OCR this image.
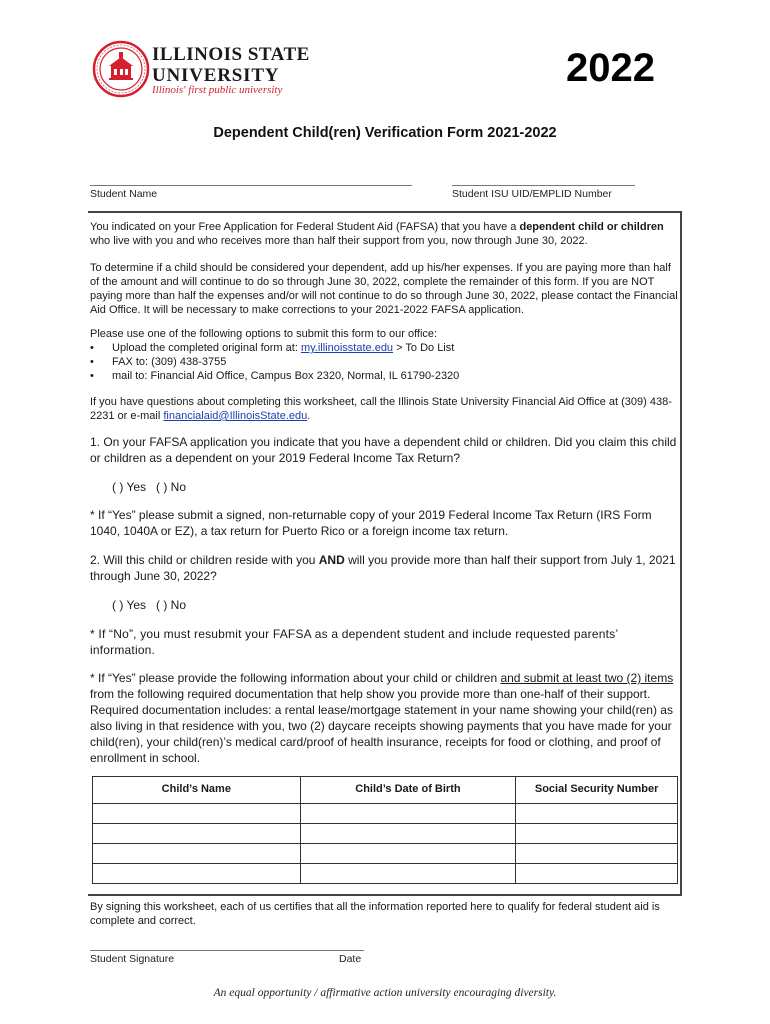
ILLINOIS STATE
UNIVERSITY
Illinois' first public university	2022
Dependent Child(ren) Verification Form 2021-2022
Student Name	Student ISU UID/EMPLID Number
You indicated on your Free Application for Federal Student Aid (FAFSA) that you have a dependent child or children who live with you and who receives more than half their support from you, now through June 30, 2022.
To determine if a child should be considered your dependent, add up his/her expenses. If you are paying more than half of the amount and will continue to do so through June 30, 2022, complete the remainder of this form. If you are NOT paying more than half the expenses and/or will not continue to do so through June 30, 2022, please contact the Financial Aid Office. It will be necessary to make corrections to your 2021-2022 FAFSA application.
Please use one of the following options to submit this form to our office:
• Upload the completed original form at: my.illinoisstate.edu > To Do List
• FAX to: (309) 438-3755
• mail to: Financial Aid Office, Campus Box 2320, Normal, IL 61790-2320
If you have questions about completing this worksheet, call the Illinois State University Financial Aid Office at (309) 438-2231 or e-mail financialaid@IllinoisState.edu.
1. On your FAFSA application you indicate that you have a dependent child or children. Did you claim this child or children as a dependent on your 2019 Federal Income Tax Return?
( ) Yes   ( ) No
* If “Yes” please submit a signed, non-returnable copy of your 2019 Federal Income Tax Return (IRS Form 1040, 1040A or EZ), a tax return for Puerto Rico or a foreign income tax return.
2. Will this child or children reside with you AND will you provide more than half their support from July 1, 2021 through June 30, 2022?
( ) Yes   ( ) No
* If “No”, you must resubmit your FAFSA as a dependent student and include requested parents’ information.
* If “Yes” please provide the following information about your child or children and submit at least two (2) items from the following required documentation that help show you provide more than one-half of their support. Required documentation includes: a rental lease/mortgage statement in your name showing your child(ren) as also living in that residence with you, two (2) daycare receipts showing payments that you have made for your child(ren), your child(ren)’s medical card/proof of health insurance, receipts for food or clothing, and proof of enrollment in school.
Child’s Name	Child’s Date of Birth	Social Security Number

By signing this worksheet, each of us certifies that all the information reported here to qualify for federal student aid is complete and correct.
Student Signature	Date
An equal opportunity / affirmative action university encouraging diversity.
